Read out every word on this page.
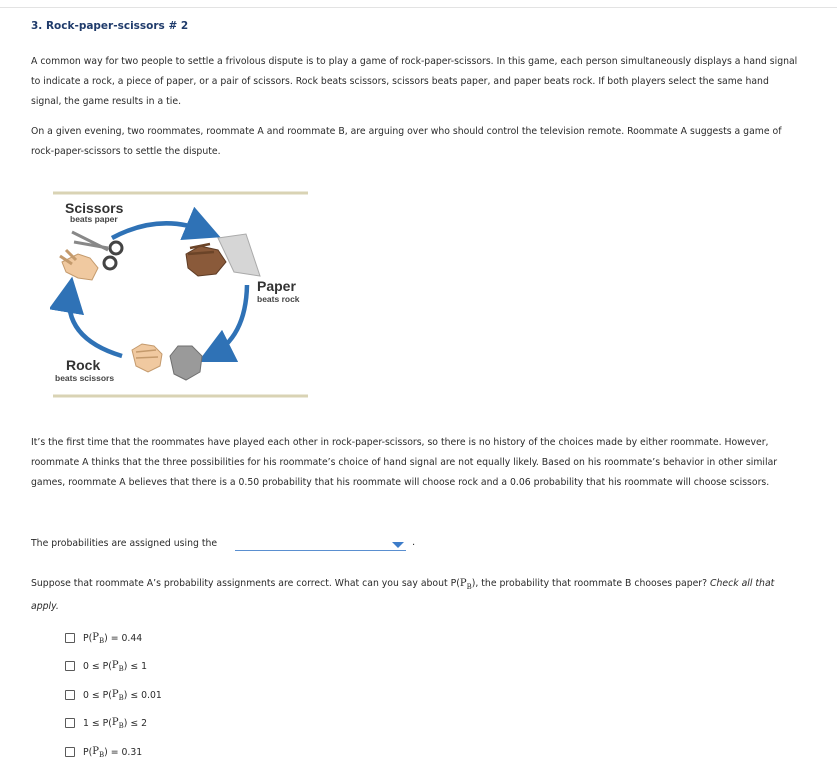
3. Rock-paper-scissors # 2
A common way for two people to settle a frivolous dispute is to play a game of rock-paper-scissors. In this game, each person simultaneously displays a hand signal to indicate a rock, a piece of paper, or a pair of scissors. Rock beats scissors, scissors beats paper, and paper beats rock. If both players select the same hand signal, the game results in a tie.
On a given evening, two roommates, roommate A and roommate B, are arguing over who should control the television remote. Roommate A suggests a game of rock-paper-scissors to settle the dispute.
Scissors
beats paper
Paper
beats rock
Rock
beats scissors
It’s the first time that the roommates have played each other in rock-paper-scissors, so there is no history of the choices made by either roommate. However, roommate A thinks that the three possibilities for his roommate’s choice of hand signal are not equally likely. Based on his roommate’s behavior in other similar games, roommate A believes that there is a 0.50 probability that his roommate will choose rock and a 0.06 probability that his roommate will choose scissors.
The probabilities are assigned using the	.
Suppose that roommate A’s probability assignments are correct. What can you say about $P(P_B)$, the probability that roommate B chooses paper? Check all that apply.
P( $P_B$ ) = 0.44
0 ≤ P( $P_B$ ) ≤ 1
0 ≤ P( $P_B$ ) ≤ 0.01
1 ≤ P( $P_B$ ) ≤ 2
P( $P_B$ ) = 0.31
